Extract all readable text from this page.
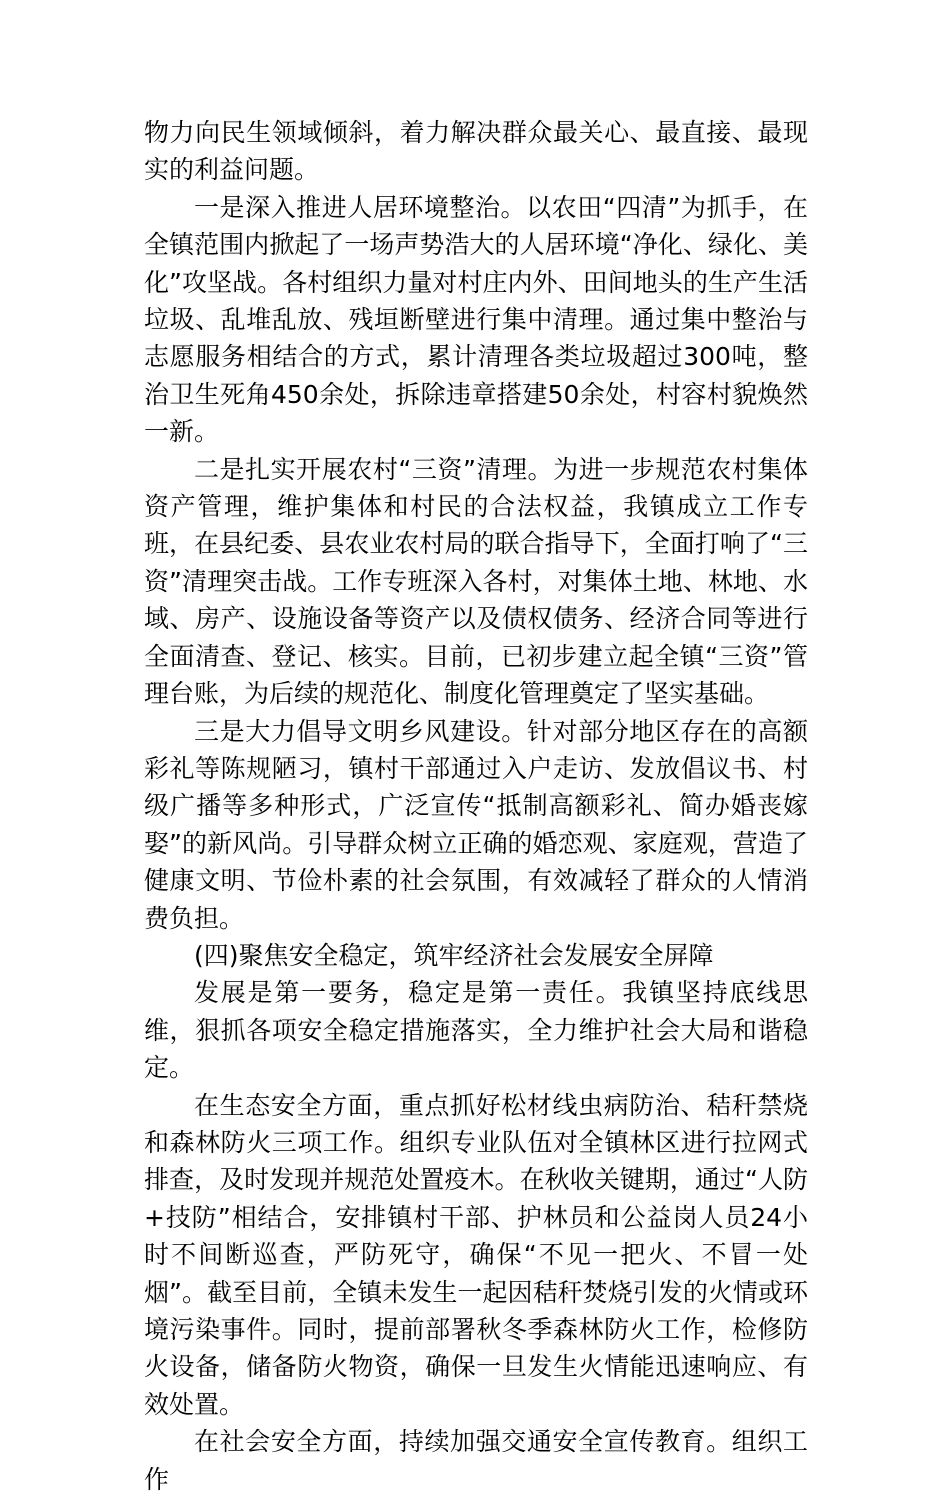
物力向民生领域倾斜，着力解决群众最关心、最直接、最现实的利益问题。

一是深入推进人居环境整治。以农田“四清”为抓手，在全镇范围内掀起了一场声势浩大的人居环境“净化、绿化、美化”攻坚战。各村组织力量对村庄内外、田间地头的生产生活垃圾、乱堆乱放、残垣断壁进行集中清理。通过集中整治与志愿服务相结合的方式，累计清理各类垃圾超过300吨，整治卫生死角450余处，拆除违章搭建50余处，村容村貌焕然一新。

二是扎实开展农村“三资”清理。为进一步规范农村集体资产管理，维护集体和村民的合法权益，我镇成立工作专班，在县纪委、县农业农村局的联合指导下，全面打响了“三资”清理突击战。工作专班深入各村，对集体土地、林地、水域、房产、设施设备等资产以及债权债务、经济合同等进行全面清查、登记、核实。目前，已初步建立起全镇“三资”管理台账，为后续的规范化、制度化管理奠定了坚实基础。

三是大力倡导文明乡风建设。针对部分地区存在的高额彩礼等陈规陋习，镇村干部通过入户走访、发放倡议书、村级广播等多种形式，广泛宣传“抵制高额彩礼、简办婚丧嫁娶”的新风尚。引导群众树立正确的婚恋观、家庭观，营造了健康文明、节俭朴素的社会氛围，有效减轻了群众的人情消费负担。

(四)聚焦安全稳定，筑牢经济社会发展安全屏障

发展是第一要务，稳定是第一责任。我镇坚持底线思维，狠抓各项安全稳定措施落实，全力维护社会大局和谐稳定。

在生态安全方面，重点抓好松材线虫病防治、秸秆禁烧和森林防火三项工作。组织专业队伍对全镇林区进行拉网式排查，及时发现并规范处置疫木。在秋收关键期，通过“人防+技防”相结合，安排镇村干部、护林员和公益岗人员24小时不间断巡查，严防死守，确保“不见一把火、不冒一处烟”。截至目前，全镇未发生一起因秸秆焚烧引发的火情或环境污染事件。同时，提前部署秋冬季森林防火工作，检修防火设备，储备防火物资，确保一旦发生火情能迅速响应、有效处置。

在社会安全方面，持续加强交通安全宣传教育。组织工作
